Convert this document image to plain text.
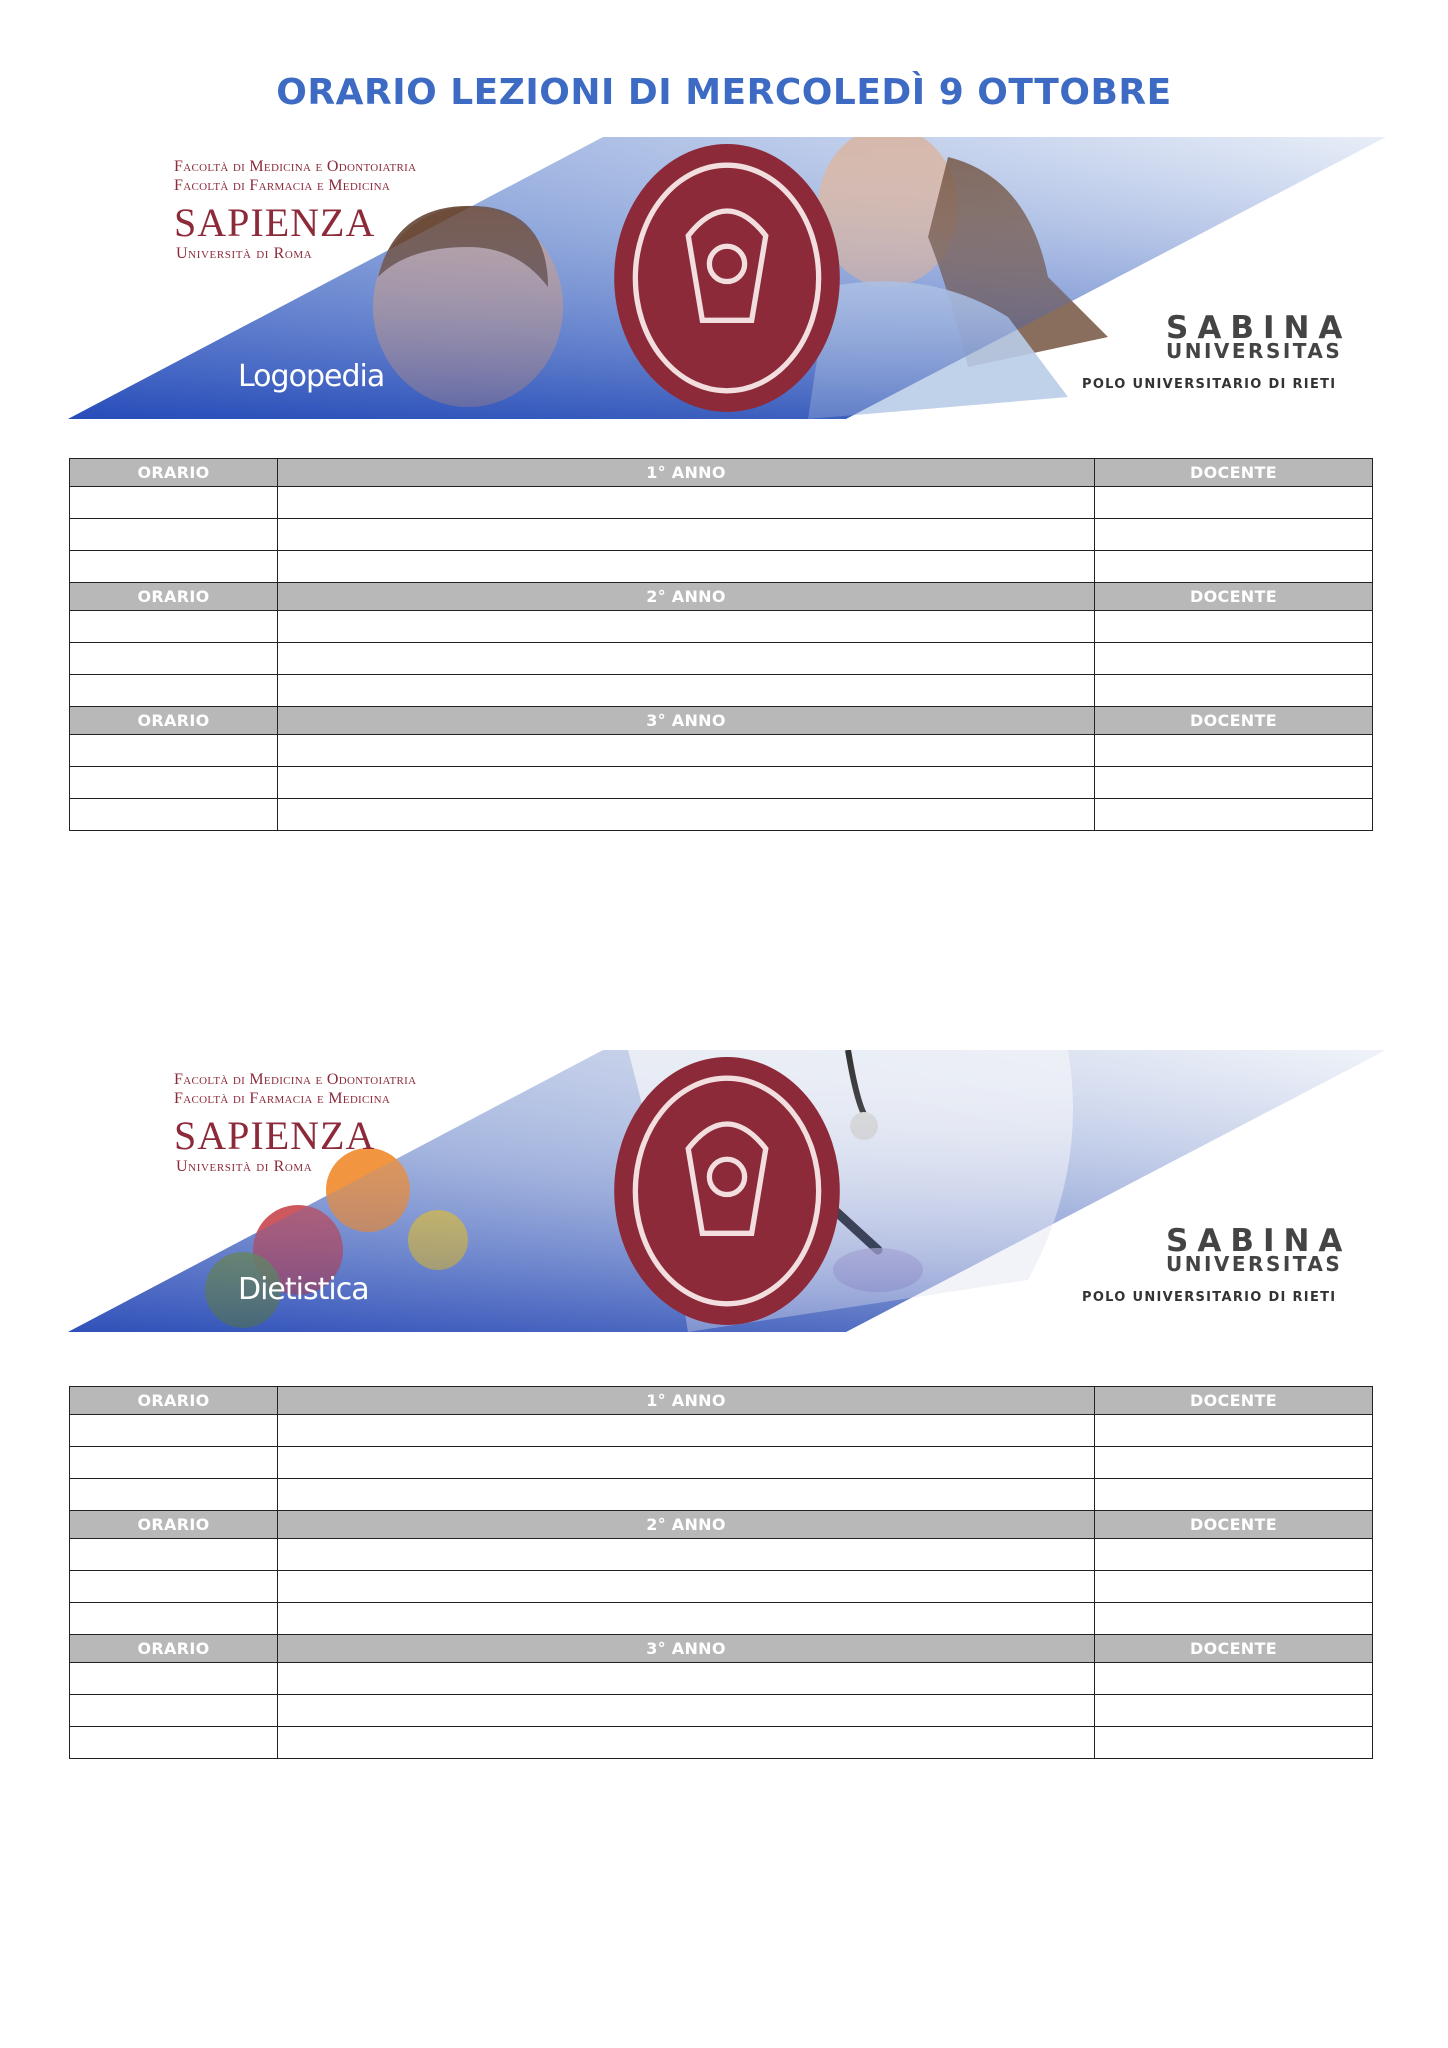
ORARIO LEZIONI DI MERCOLEDÌ 9 OTTOBRE
Facoltà di Medicina e Odontoiatria
Facoltà di Farmacia e Medicina
SAPIENZA
Università di Roma
Logopedia
SABINA
UNIVERSITAS
POLO UNIVERSITARIO DI RIETI
ORARIO	1° ANNO	DOCENTE

ORARIO	2° ANNO	DOCENTE

ORARIO	3° ANNO	DOCENTE

Facoltà di Medicina e Odontoiatria
Facoltà di Farmacia e Medicina
SAPIENZA
Università di Roma
Dietistica
SABINA
UNIVERSITAS
POLO UNIVERSITARIO DI RIETI
ORARIO	1° ANNO	DOCENTE

ORARIO	2° ANNO	DOCENTE

ORARIO	3° ANNO	DOCENTE
